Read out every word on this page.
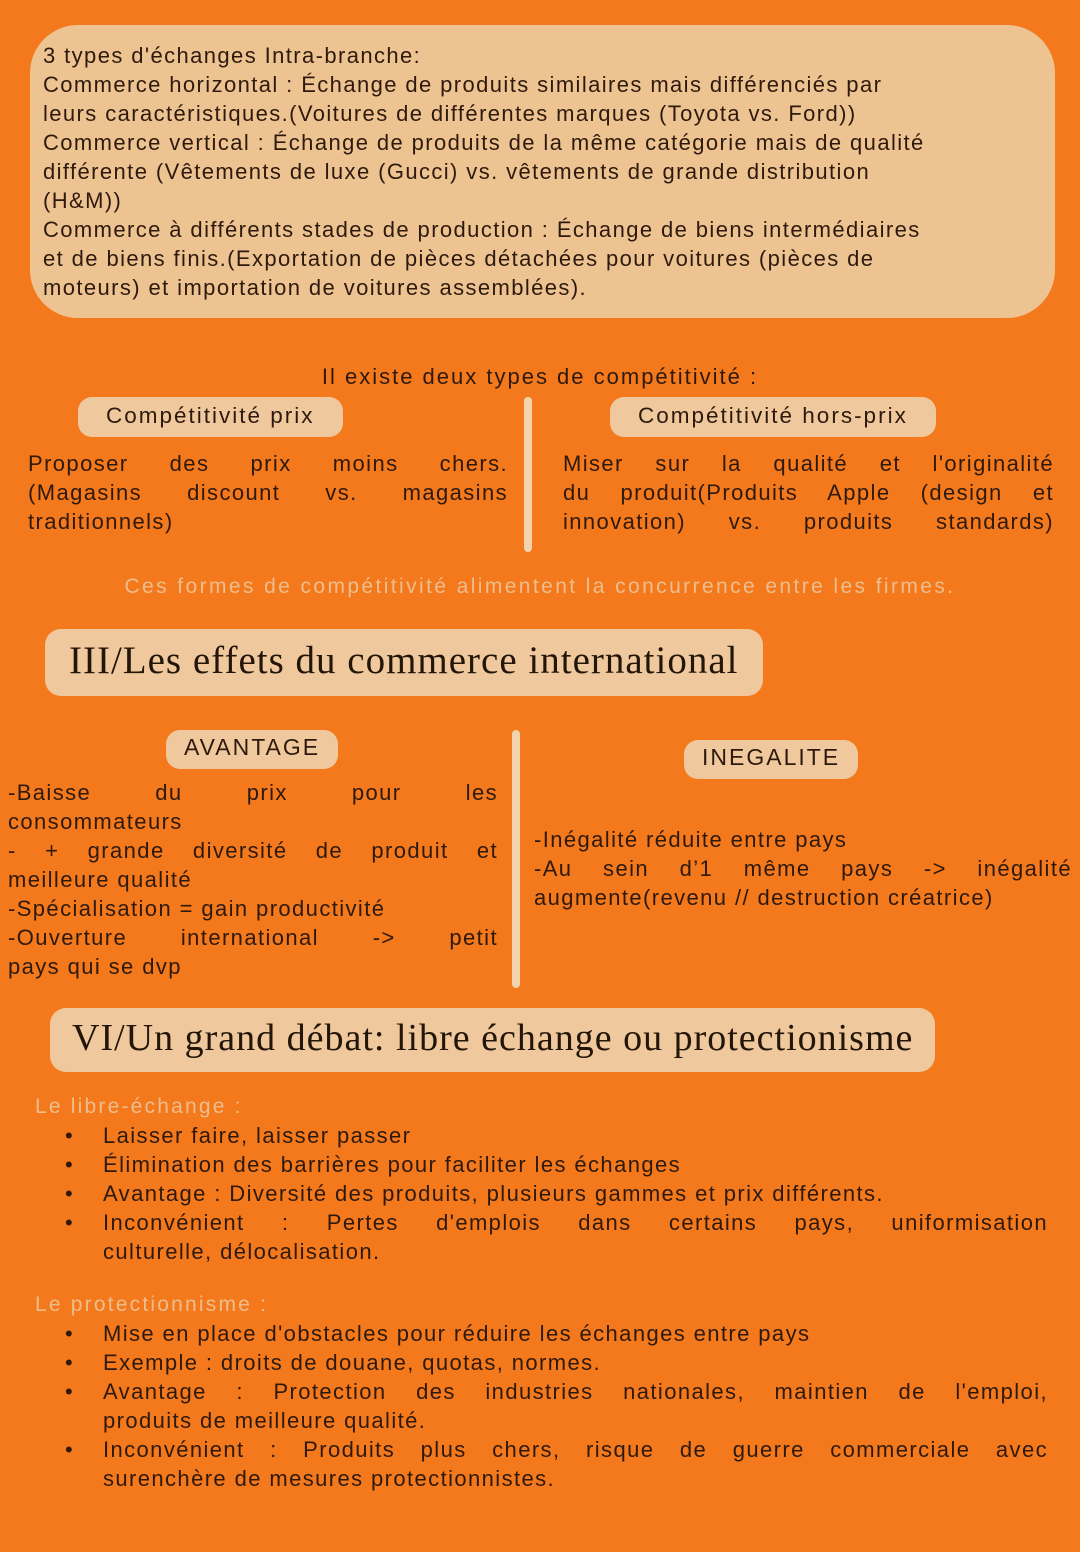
3 types d'échanges Intra-branche:
Commerce horizontal : Échange de produits similaires mais différenciés par
leurs caractéristiques.(Voitures de différentes marques (Toyota vs. Ford))
Commerce vertical : Échange de produits de la même catégorie mais de qualité
différente (Vêtements de luxe (Gucci) vs. vêtements de grande distribution
(H&M))
Commerce à différents stades de production : Échange de biens intermédiaires
et de biens finis.(Exportation de pièces détachées pour voitures (pièces de
moteurs) et importation de voitures assemblées).
Il existe deux types de compétitivité :
Compétitivité prix
Proposer des prix moins chers.
(Magasins discount vs. magasins
traditionnels)
Compétitivité hors-prix
Miser sur la qualité et l'originalité
du produit(Produits Apple (design et
innovation) vs. produits standards)
Ces formes de compétitivité alimentent la concurrence entre les firmes.
III/Les effets du commerce international
AVANTAGE
-Baisse du prix pour les
consommateurs
- + grande diversité de produit et
meilleure qualité
-Spécialisation = gain productivité
-Ouverture international -> petit
pays qui se dvp
INEGALITE
-Inégalité réduite entre pays
-Au sein d’1 même pays -> inégalité
augmente(revenu // destruction créatrice)
VI/Un grand débat: libre échange ou protectionisme
Le libre-échange :
• Laisser faire, laisser passer
• Élimination des barrières pour faciliter les échanges
• Avantage : Diversité des produits, plusieurs gammes et prix différents.
• Inconvénient : Pertes d'emplois dans certains pays, uniformisation
culturelle, délocalisation.
Le protectionnisme :
• Mise en place d'obstacles pour réduire les échanges entre pays
• Exemple : droits de douane, quotas, normes.
• Avantage : Protection des industries nationales, maintien de l'emploi,
produits de meilleure qualité.
• Inconvénient : Produits plus chers, risque de guerre commerciale avec
surenchère de mesures protectionnistes.
